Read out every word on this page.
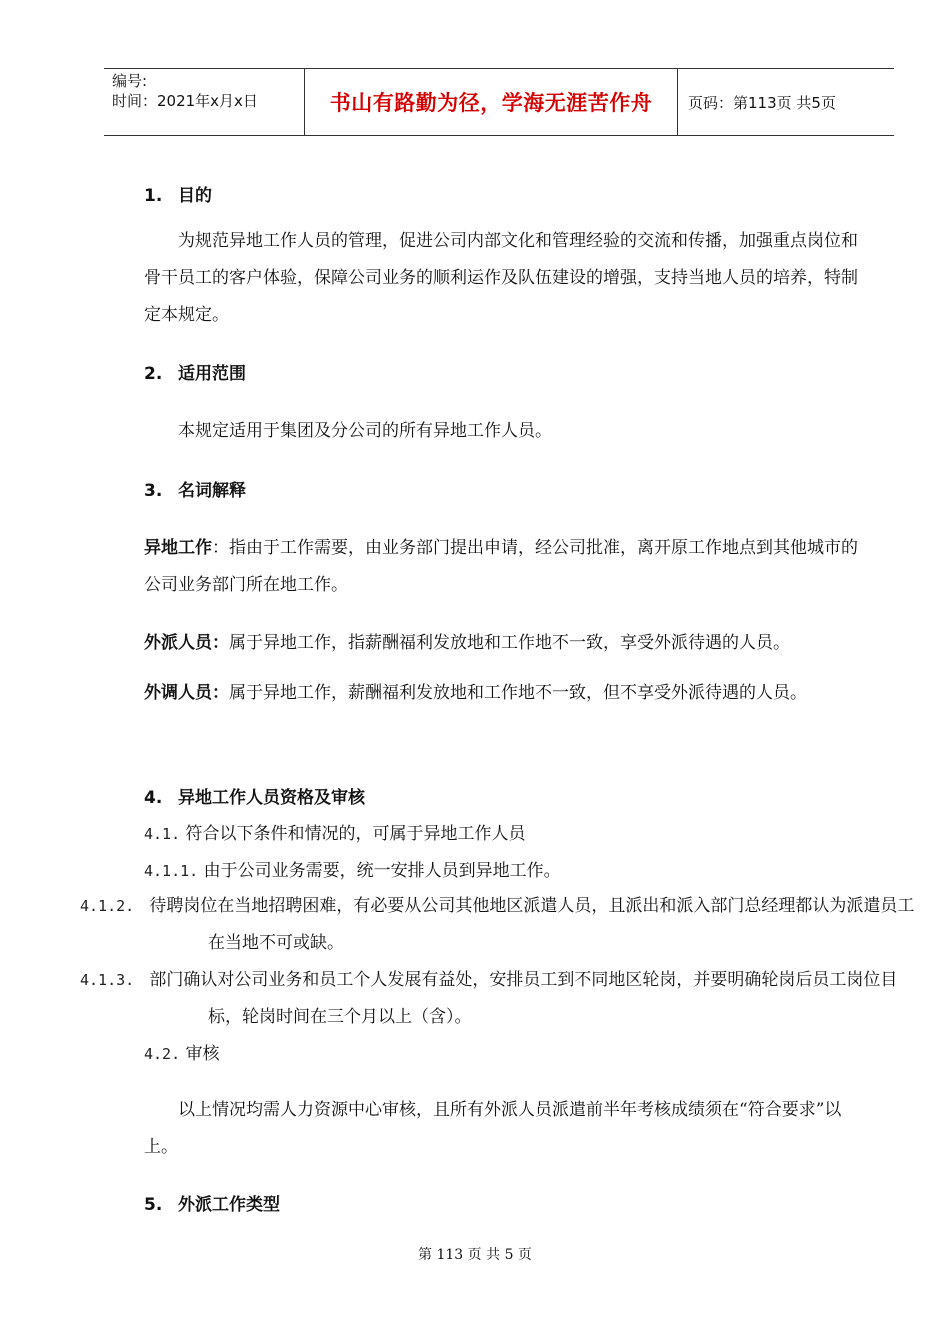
编号:
时间：2021年x月x日	书山有路勤为径，学海无涯苦作舟	页码：第113页 共5页
1. 目的
为规范异地工作人员的管理，促进公司内部文化和管理经验的交流和传播，加强重点岗位和骨干员工的客户体验，保障公司业务的顺利运作及队伍建设的增强，支持当地人员的培养，特制定本规定。
2. 适用范围
本规定适用于集团及分公司的所有异地工作人员。
3. 名词解释
异地工作：指由于工作需要，由业务部门提出申请，经公司批准，离开原工作地点到其他城市的公司业务部门所在地工作。
外派人员：属于异地工作，指薪酬福利发放地和工作地不一致，享受外派待遇的人员。
外调人员：属于异地工作，薪酬福利发放地和工作地不一致，但不享受外派待遇的人员。
4. 异地工作人员资格及审核
4.1. 符合以下条件和情况的，可属于异地工作人员
4.1.1. 由于公司业务需要，统一安排人员到异地工作。
4.1.2. 待聘岗位在当地招聘困难，有必要从公司其他地区派遣人员，且派出和派入部门总经理都认为派遣员工在当地不可或缺。
4.1.3. 部门确认对公司业务和员工个人发展有益处，安排员工到不同地区轮岗，并要明确轮岗后员工岗位目标，轮岗时间在三个月以上（含）。
4.2. 审核
以上情况均需人力资源中心审核，且所有外派人员派遣前半年考核成绩须在“符合要求”以上。
5. 外派工作类型
第 113 页 共 5 页
